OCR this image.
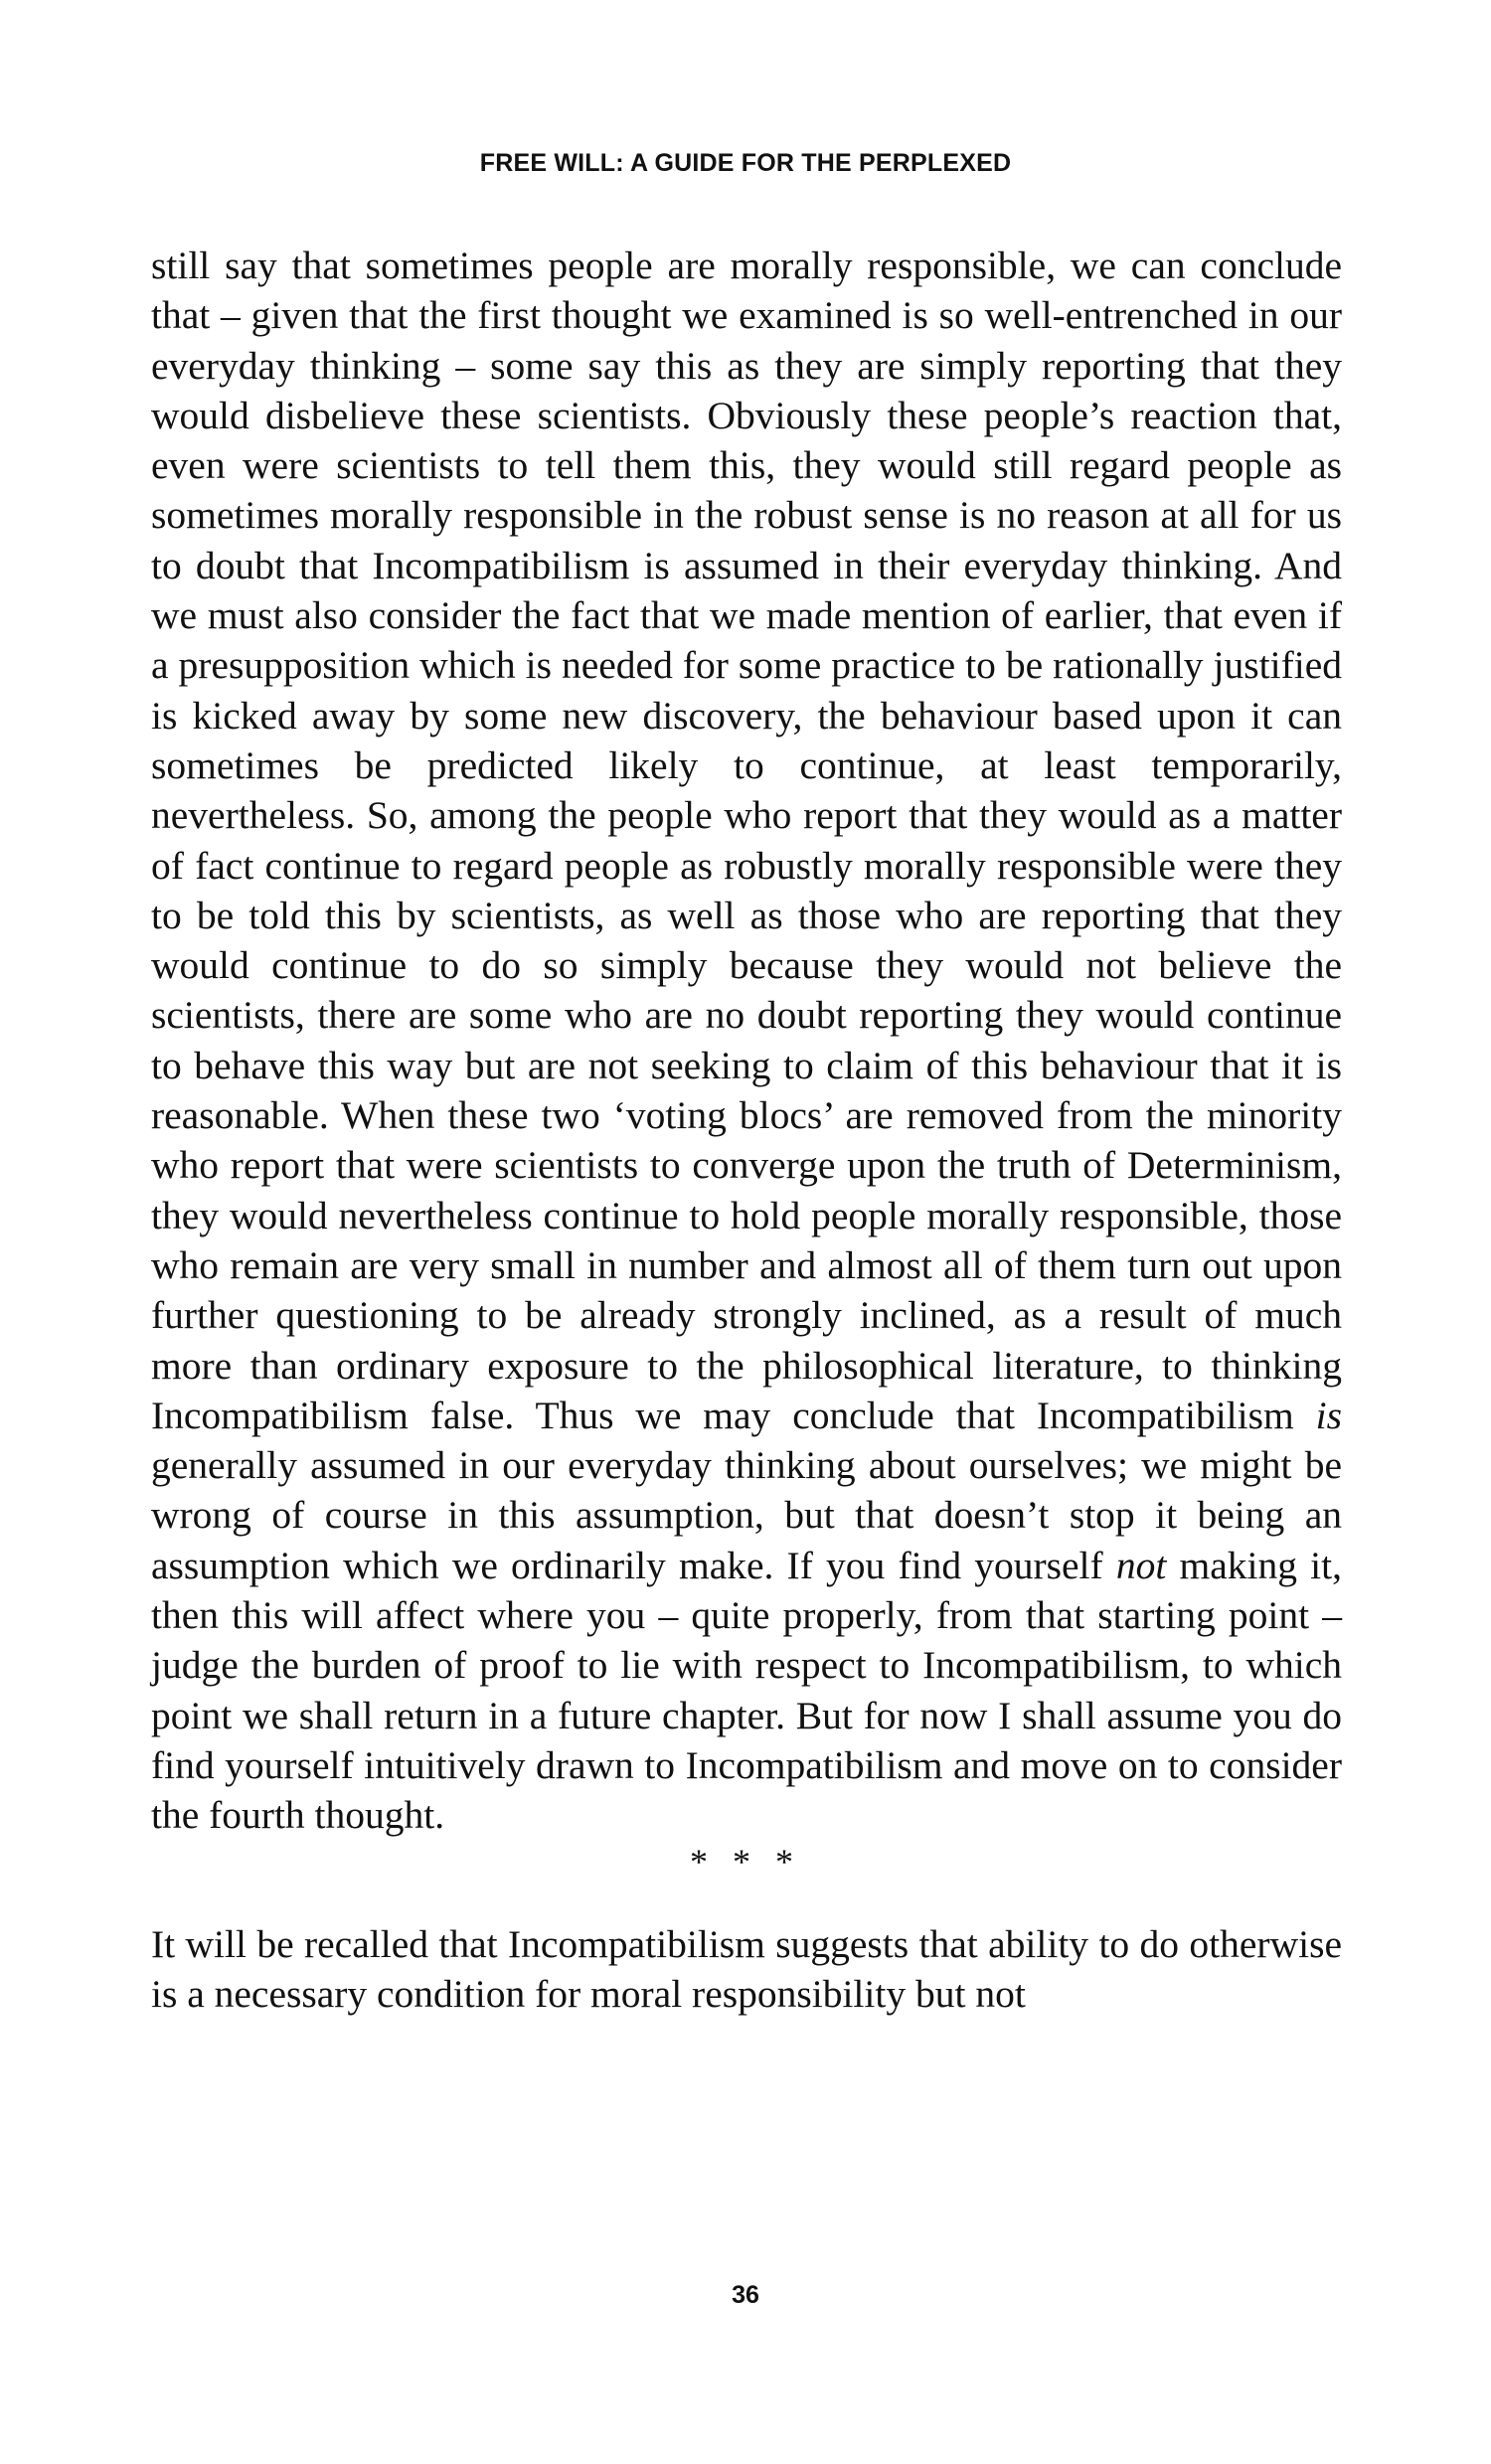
FREE WILL: A GUIDE FOR THE PERPLEXED

still say that sometimes people are morally responsible, we can conclude that – given that the first thought we examined is so well-entrenched in our everyday thinking – some say this as they are simply reporting that they would disbelieve these scientists. Obviously these people’s reaction that, even were scientists to tell them this, they would still regard people as sometimes morally responsible in the robust sense is no reason at all for us to doubt that Incompatibilism is assumed in their everyday thinking. And we must also consider the fact that we made mention of earlier, that even if a presupposition which is needed for some practice to be rationally justified is kicked away by some new discovery, the behaviour based upon it can sometimes be predicted likely to continue, at least temporarily, nevertheless. So, among the people who report that they would as a matter of fact continue to regard people as robustly morally responsible were they to be told this by scientists, as well as those who are reporting that they would continue to do so simply because they would not believe the scientists, there are some who are no doubt reporting they would continue to behave this way but are not seeking to claim of this behaviour that it is reasonable. When these two ‘voting blocs’ are removed from the minority who report that were scientists to converge upon the truth of Determinism, they would nevertheless continue to hold people morally responsible, those who remain are very small in number and almost all of them turn out upon further questioning to be already strongly inclined, as a result of much more than ordinary exposure to the philosophical literature, to thinking Incompatibilism false. Thus we may conclude that Incompatibilism is generally assumed in our everyday thinking about ourselves; we might be wrong of course in this assumption, but that doesn’t stop it being an assumption which we ordinarily make. If you find yourself not making it, then this will affect where you – quite properly, from that starting point – judge the burden of proof to lie with respect to Incompatibilism, to which point we shall return in a future chapter. But for now I shall assume you do find yourself intuitively drawn to Incompatibilism and move on to consider the fourth thought.

* * *

It will be recalled that Incompatibilism suggests that ability to do otherwise is a necessary condition for moral responsibility but not

36
